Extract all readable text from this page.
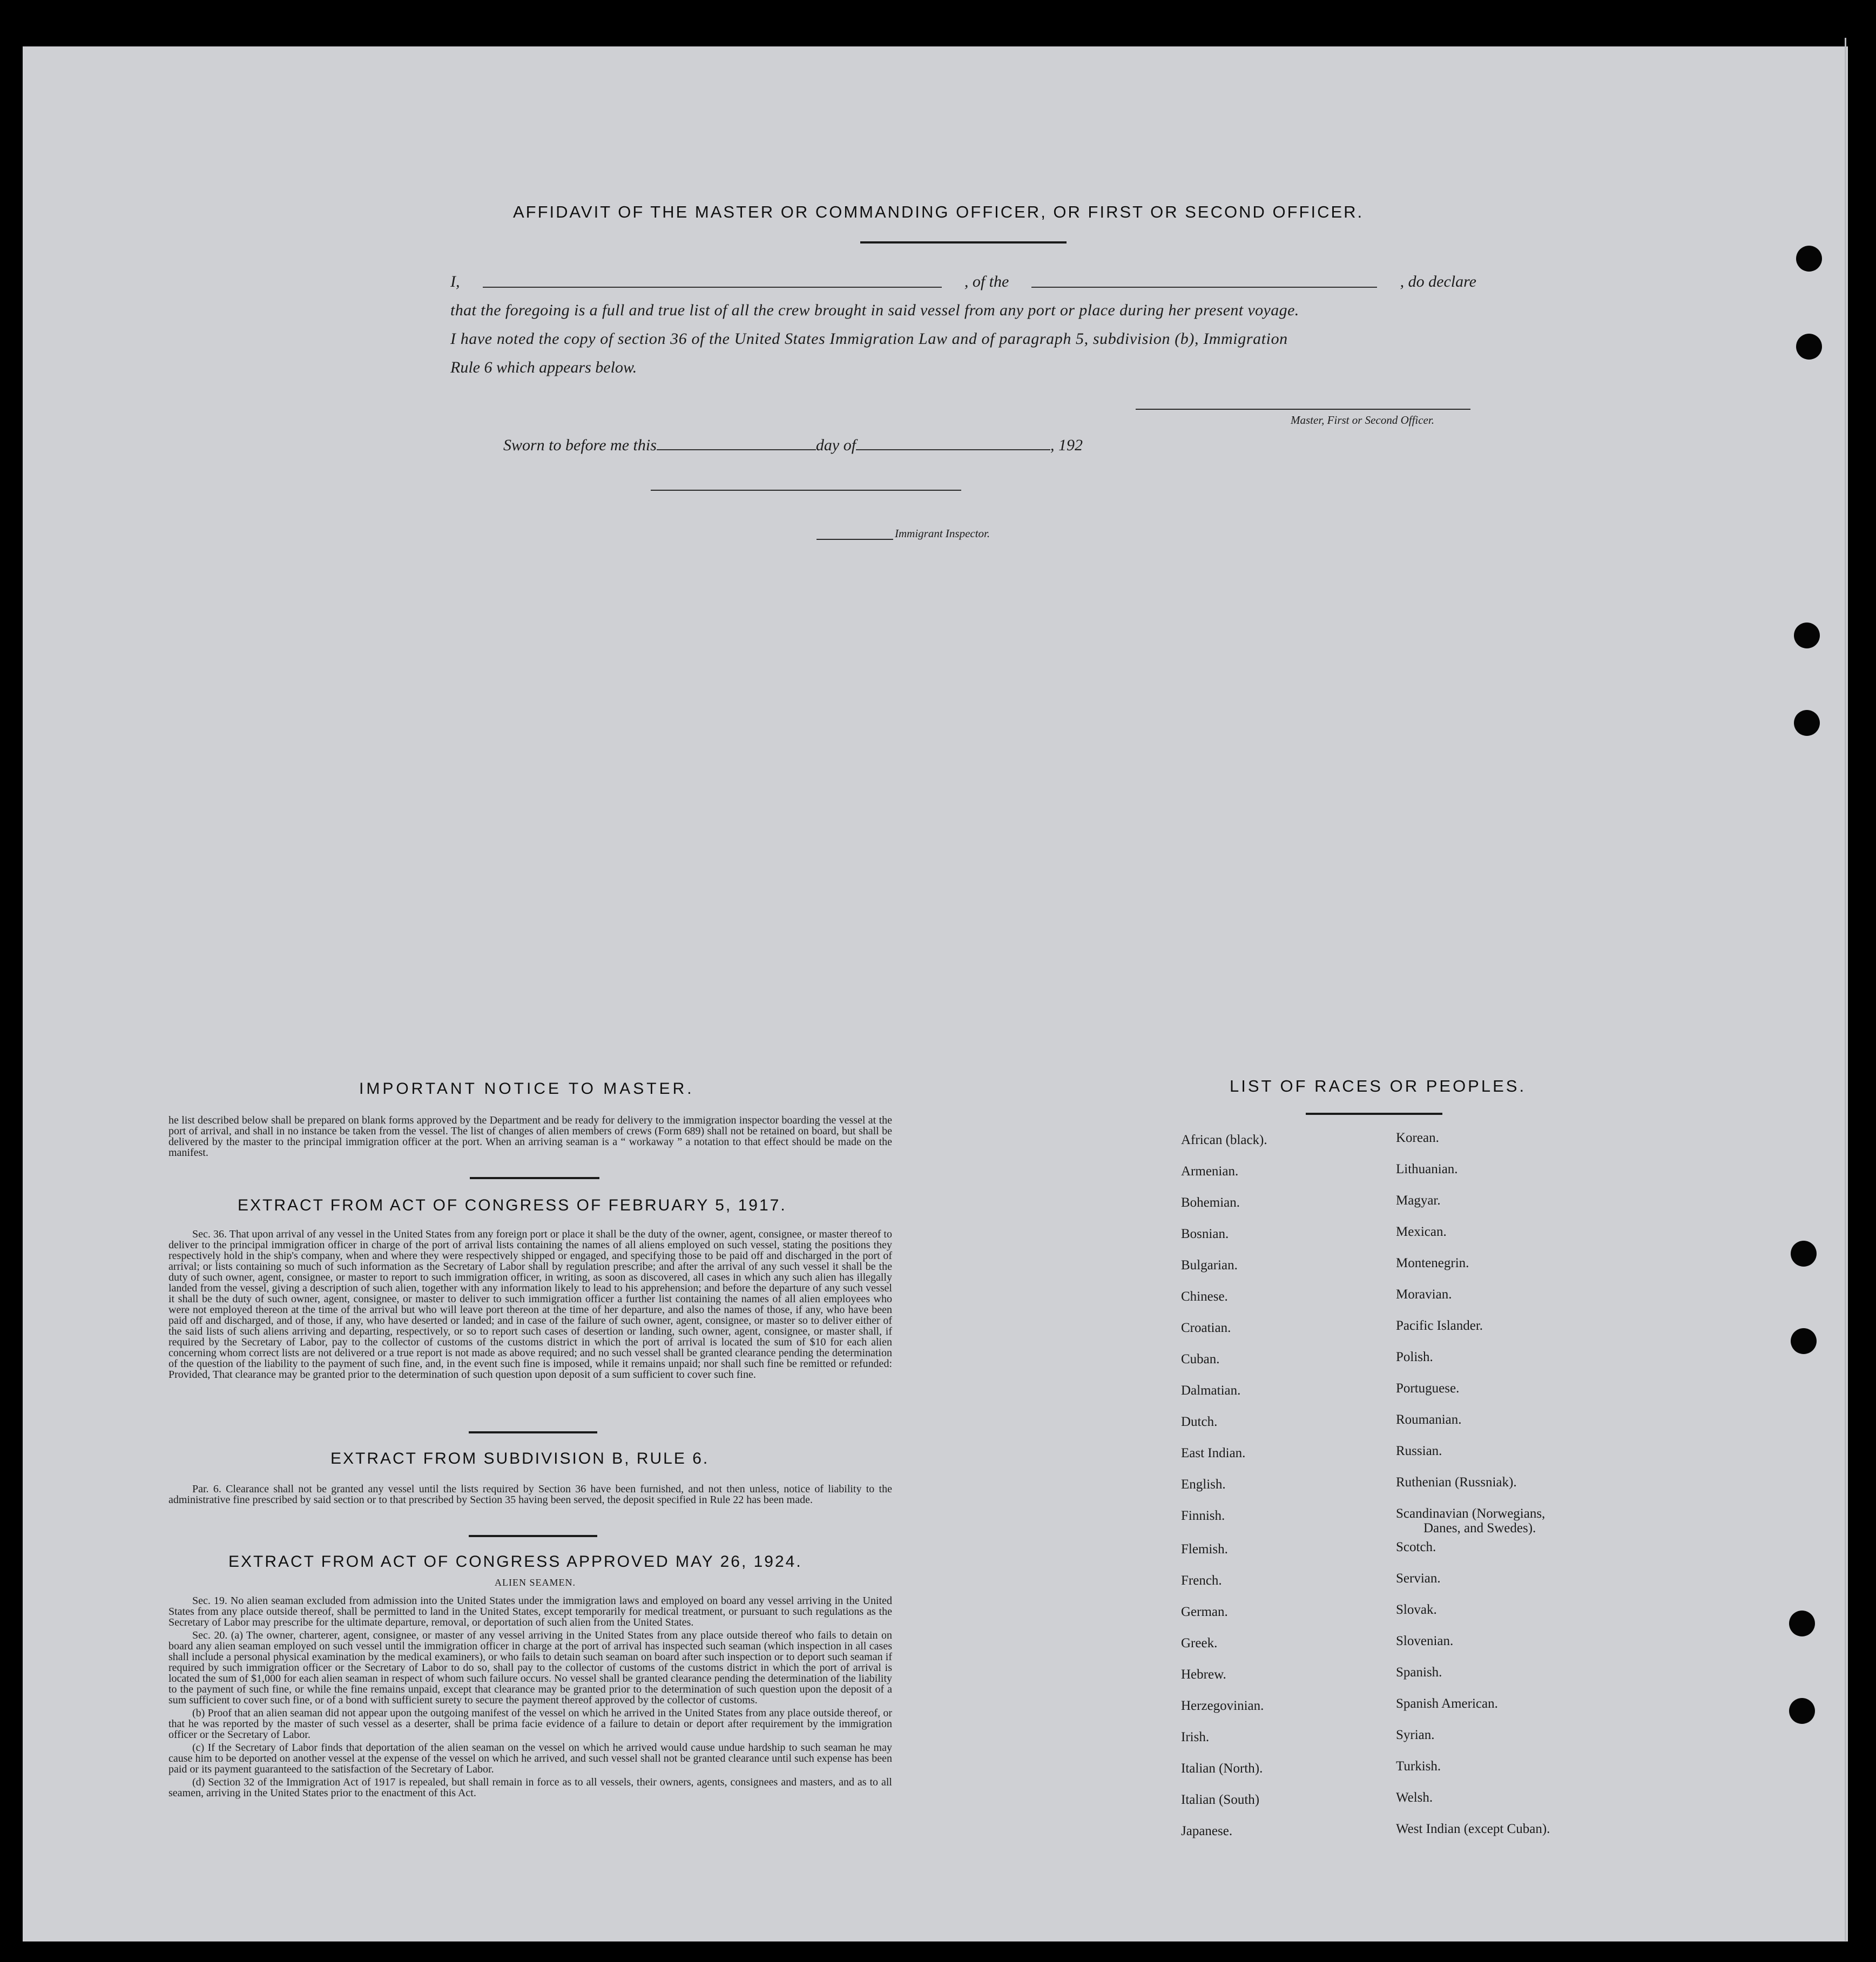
AFFIDAVIT OF THE MASTER OR COMMANDING OFFICER, OR FIRST OR SECOND OFFICER.
I,	, of the	, do declare
that the foregoing is a full and true list of all the crew brought in said vessel from any port or place during her present voyage.
I have noted the copy of section 36 of the United States Immigration Law and of paragraph 5, subdivision (b), Immigration
Rule 6 which appears below.
Master, First or Second Officer.
Sworn to before me this	day of	, 192
Immigrant Inspector.
IMPORTANT NOTICE TO MASTER.

he list described below shall be prepared on blank forms approved by the Department and be ready for delivery to the immigration inspector boarding the vessel at the port of arrival, and shall in no instance be taken from the vessel. The list of changes of alien members of crews (Form 689) shall not be retained on board, but shall be delivered by the master to the principal immigration officer at the port. When an arriving seaman is a “ workaway ” a notation to that effect should be made on the manifest.

EXTRACT FROM ACT OF CONGRESS OF FEBRUARY 5, 1917.

Sec. 36. That upon arrival of any vessel in the United States from any foreign port or place it shall be the duty of the owner, agent, consignee, or master thereof to deliver to the principal immigration officer in charge of the port of arrival lists containing the names of all aliens employed on such vessel, stating the positions they respectively hold in the ship's company, when and where they were respectively shipped or engaged, and specifying those to be paid off and discharged in the port of arrival; or lists containing so much of such information as the Secretary of Labor shall by regulation prescribe; and after the arrival of any such vessel it shall be the duty of such owner, agent, consignee, or master to report to such immigration officer, in writing, as soon as discovered, all cases in which any such alien has illegally landed from the vessel, giving a description of such alien, together with any information likely to lead to his apprehension; and before the departure of any such vessel it shall be the duty of such owner, agent, consignee, or master to deliver to such immigration officer a further list containing the names of all alien employees who were not employed thereon at the time of the arrival but who will leave port thereon at the time of her departure, and also the names of those, if any, who have been paid off and discharged, and of those, if any, who have deserted or landed; and in case of the failure of such owner, agent, consignee, or master so to deliver either of the said lists of such aliens arriving and departing, respectively, or so to report such cases of desertion or landing, such owner, agent, consignee, or master shall, if required by the Secretary of Labor, pay to the collector of customs of the customs district in which the port of arrival is located the sum of $10 for each alien concerning whom correct lists are not delivered or a true report is not made as above required; and no such vessel shall be granted clearance pending the determination of the question of the liability to the payment of such fine, and, in the event such fine is imposed, while it remains unpaid; nor shall such fine be remitted or refunded: Provided, That clearance may be granted prior to the determination of such question upon deposit of a sum sufficient to cover such fine.

EXTRACT FROM SUBDIVISION B, RULE 6.

Par. 6. Clearance shall not be granted any vessel until the lists required by Section 36 have been furnished, and not then unless, notice of liability to the administrative fine prescribed by said section or to that prescribed by Section 35 having been served, the deposit specified in Rule 22 has been made.

EXTRACT FROM ACT OF CONGRESS APPROVED MAY 26, 1924.
ALIEN SEAMEN.

Sec. 19. No alien seaman excluded from admission into the United States under the immigration laws and employed on board any vessel arriving in the United States from any place outside thereof, shall be permitted to land in the United States, except temporarily for medical treatment, or pursuant to such regulations as the Secretary of Labor may prescribe for the ultimate departure, removal, or deportation of such alien from the United States.

Sec. 20. (a) The owner, charterer, agent, consignee, or master of any vessel arriving in the United States from any place outside thereof who fails to detain on board any alien seaman employed on such vessel until the immigration officer in charge at the port of arrival has inspected such seaman (which inspection in all cases shall include a personal physical examination by the medical examiners), or who fails to detain such seaman on board after such inspection or to deport such seaman if required by such immigration officer or the Secretary of Labor to do so, shall pay to the collector of customs of the customs district in which the port of arrival is located the sum of $1,000 for each alien seaman in respect of whom such failure occurs. No vessel shall be granted clearance pending the determination of the liability to the payment of such fine, or while the fine remains unpaid, except that clearance may be granted prior to the determination of such question upon the deposit of a sum sufficient to cover such fine, or of a bond with sufficient surety to secure the payment thereof approved by the collector of customs.

(b) Proof that an alien seaman did not appear upon the outgoing manifest of the vessel on which he arrived in the United States from any place outside thereof, or that he was reported by the master of such vessel as a deserter, shall be prima facie evidence of a failure to detain or deport after requirement by the immigration officer or the Secretary of Labor.

(c) If the Secretary of Labor finds that deportation of the alien seaman on the vessel on which he arrived would cause undue hardship to such seaman he may cause him to be deported on another vessel at the expense of the vessel on which he arrived, and such vessel shall not be granted clearance until such expense has been paid or its payment guaranteed to the satisfaction of the Secretary of Labor.

(d) Section 32 of the Immigration Act of 1917 is repealed, but shall remain in force as to all vessels, their owners, agents, consignees and masters, and as to all seamen, arriving in the United States prior to the enactment of this Act.

LIST OF RACES OR PEOPLES.
African (black).
Armenian.
Bohemian.
Bosnian.
Bulgarian.
Chinese.
Croatian.
Cuban.
Dalmatian.
Dutch.
East Indian.
English.
Finnish.
Flemish.
French.
German.
Greek.
Hebrew.
Herzegovinian.
Irish.
Italian (North).
Italian (South)
Japanese.
Korean.
Lithuanian.
Magyar.
Mexican.
Montenegrin.
Moravian.
Pacific Islander.
Polish.
Portuguese.
Roumanian.
Russian.
Ruthenian (Russniak).
Scandinavian (Norwegians,
Danes, and Swedes).
Scotch.
Servian.
Slovak.
Slovenian.
Spanish.
Spanish American.
Syrian.
Turkish.
Welsh.
West Indian (except Cuban).
